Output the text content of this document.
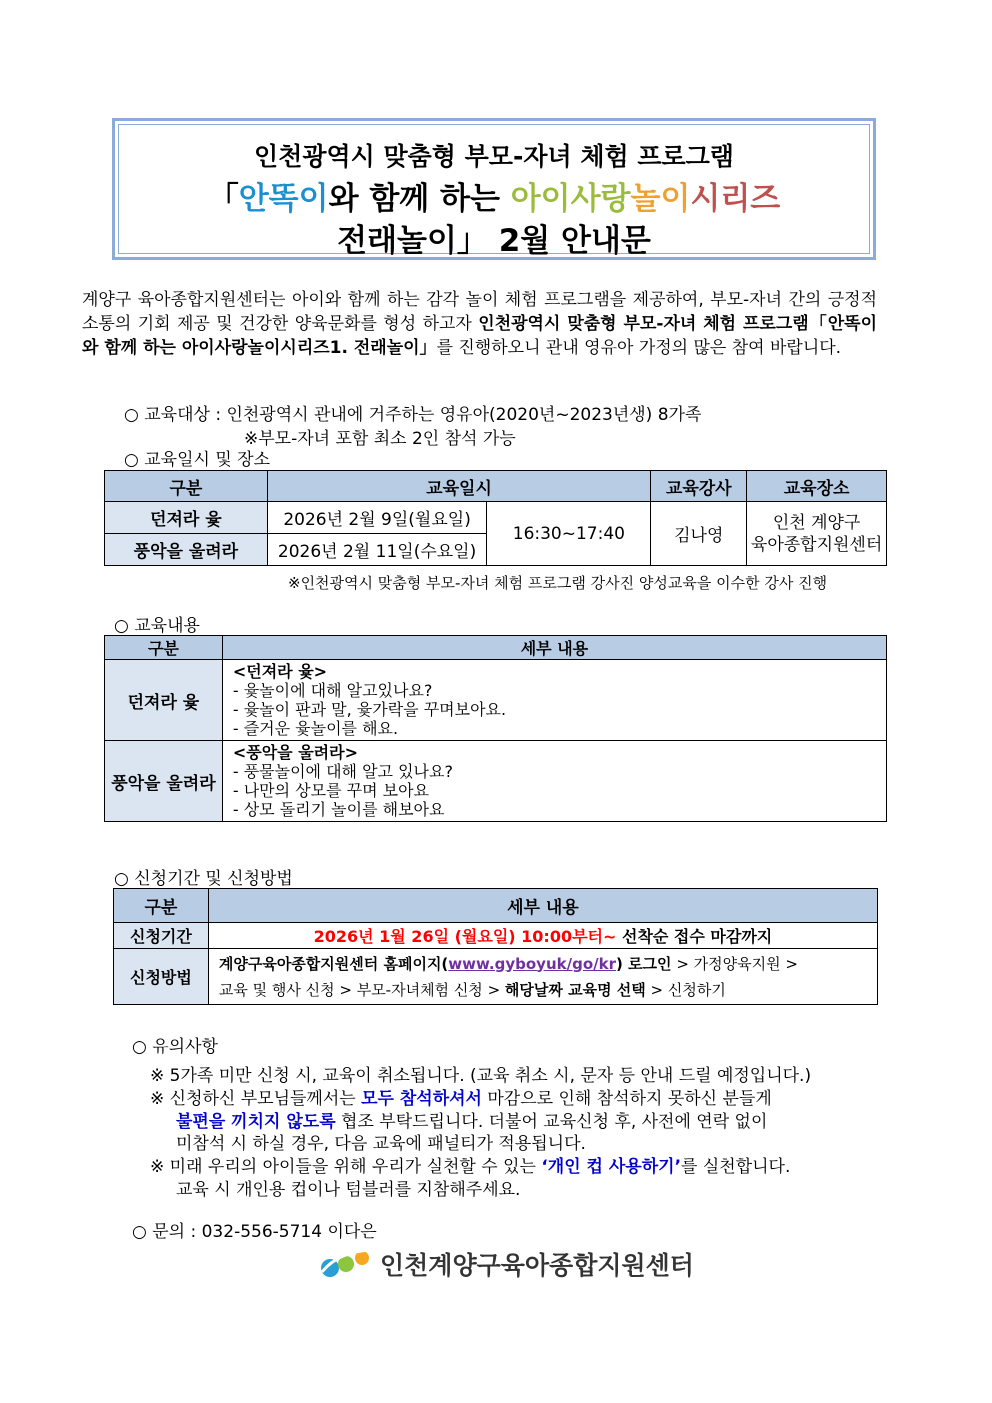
인천광역시 맞춤형 부모-자녀 체험 프로그램
「안똑이와 함께 하는 아이사랑놀이시리즈
전래놀이」 2월 안내문
계양구 육아종합지원센터는 아이와 함께 하는 감각 놀이 체험 프로그램을 제공하여, 부모-자녀 간의 긍정적 소통의 기회 제공 및 건강한 양육문화를 형성 하고자 인천광역시 맞춤형 부모-자녀 체험 프로그램「안똑이와 함께 하는 아이사랑놀이시리즈1. 전래놀이」를 진행하오니 관내 영유아 가정의 많은 참여 바랍니다.
○ 교육대상 : 인천광역시 관내에 거주하는 영유아(2020년~2023년생) 8가족
※부모-자녀 포함 최소 2인 참석 가능
○ 교육일시 및 장소
구분	교육일시		교육강사	교육장소
던져라 윷	2026년 2월 9일(월요일)	16:30~17:40	김나영	인천 계양구
육아종합지원센터
풍악을 울려라	2026년 2월 11일(수요일)			
※인천광역시 맞춤형 부모-자녀 체험 프로그램 강사진 양성교육을 이수한 강사 진행
○ 교육내용
구분	세부 내용
던져라 윷	<던져라 윷>
- 윷놀이에 대해 알고있나요?
- 윷놀이 판과 말, 윷가락을 꾸며보아요.
- 즐거운 윷놀이를 해요.

풍악을 울려라	<풍악을 울려라>
- 풍물놀이에 대해 알고 있나요?
- 나만의 상모를 꾸며 보아요
- 상모 돌리기 놀이를 해보아요
○ 신청기간 및 신청방법
구분	세부 내용
신청기간	2026년 1월 26일 (월요일) 10:00부터~ 선착순 접수 마감까지
신청방법	계양구육아종합지원센터 홈페이지(www.gyboyuk/go/kr) 로그인 > 가정양육지원 >
교육 및 행사 신청 > 부모-자녀체험 신청 > 해당날짜 교육명 선택 > 신청하기
○ 유의사항
※ 5가족 미만 신청 시, 교육이 취소됩니다. (교육 취소 시, 문자 등 안내 드릴 예정입니다.)
※ 신청하신 부모님들께서는 모두 참석하셔서 마감으로 인해 참석하지 못하신 분들게
불편을 끼치지 않도록 협조 부탁드립니다. 더불어 교육신청 후, 사전에 연락 없이
미참석 시 하실 경우, 다음 교육에 패널티가 적용됩니다.
※ 미래 우리의 아이들을 위해 우리가 실천할 수 있는 ‘개인 컵 사용하기’를 실천합니다.
교육 시 개인용 컵이나 텀블러를 지참해주세요.
○ 문의 : 032-556-5714 이다은
인천계양구육아종합지원센터
